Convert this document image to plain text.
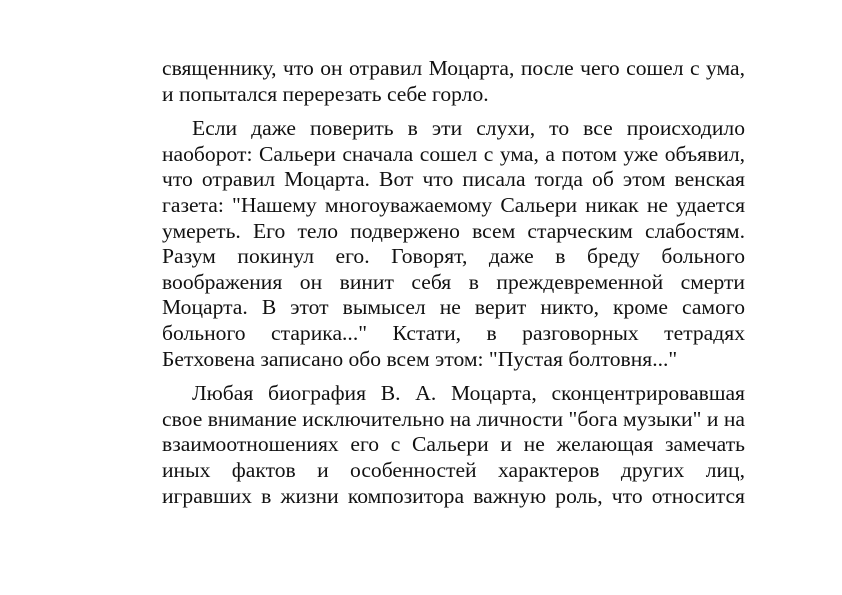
священнику, что он отравил Моцарта, после чего сошел с ума,
и попытался перерезать себе горло.
Если даже поверить в эти слухи, то все происходило
наоборот: Сальери сначала сошел с ума, а потом уже объявил,
что отравил Моцарта. Вот что писала тогда об этом венская
газета: "Нашему многоуважаемому Сальери никак не удается
умереть. Его тело подвержено всем старческим слабостям.
Разум покинул его. Говорят, даже в бреду больного
воображения он винит себя в преждевременной смерти
Моцарта. В этот вымысел не верит никто, кроме самого
больного старика..." Кстати, в разговорных тетрадях
Бетховена записано обо всем этом: "Пустая болтовня..."
Любая биография В. А. Моцарта, сконцентрировавшая
свое внимание исключительно на личности "бога музыки" и на
взаимоотношениях его с Сальери и не желающая замечать
иных фактов и особенностей характеров других лиц,
игравших в жизни композитора важную роль, что относится
